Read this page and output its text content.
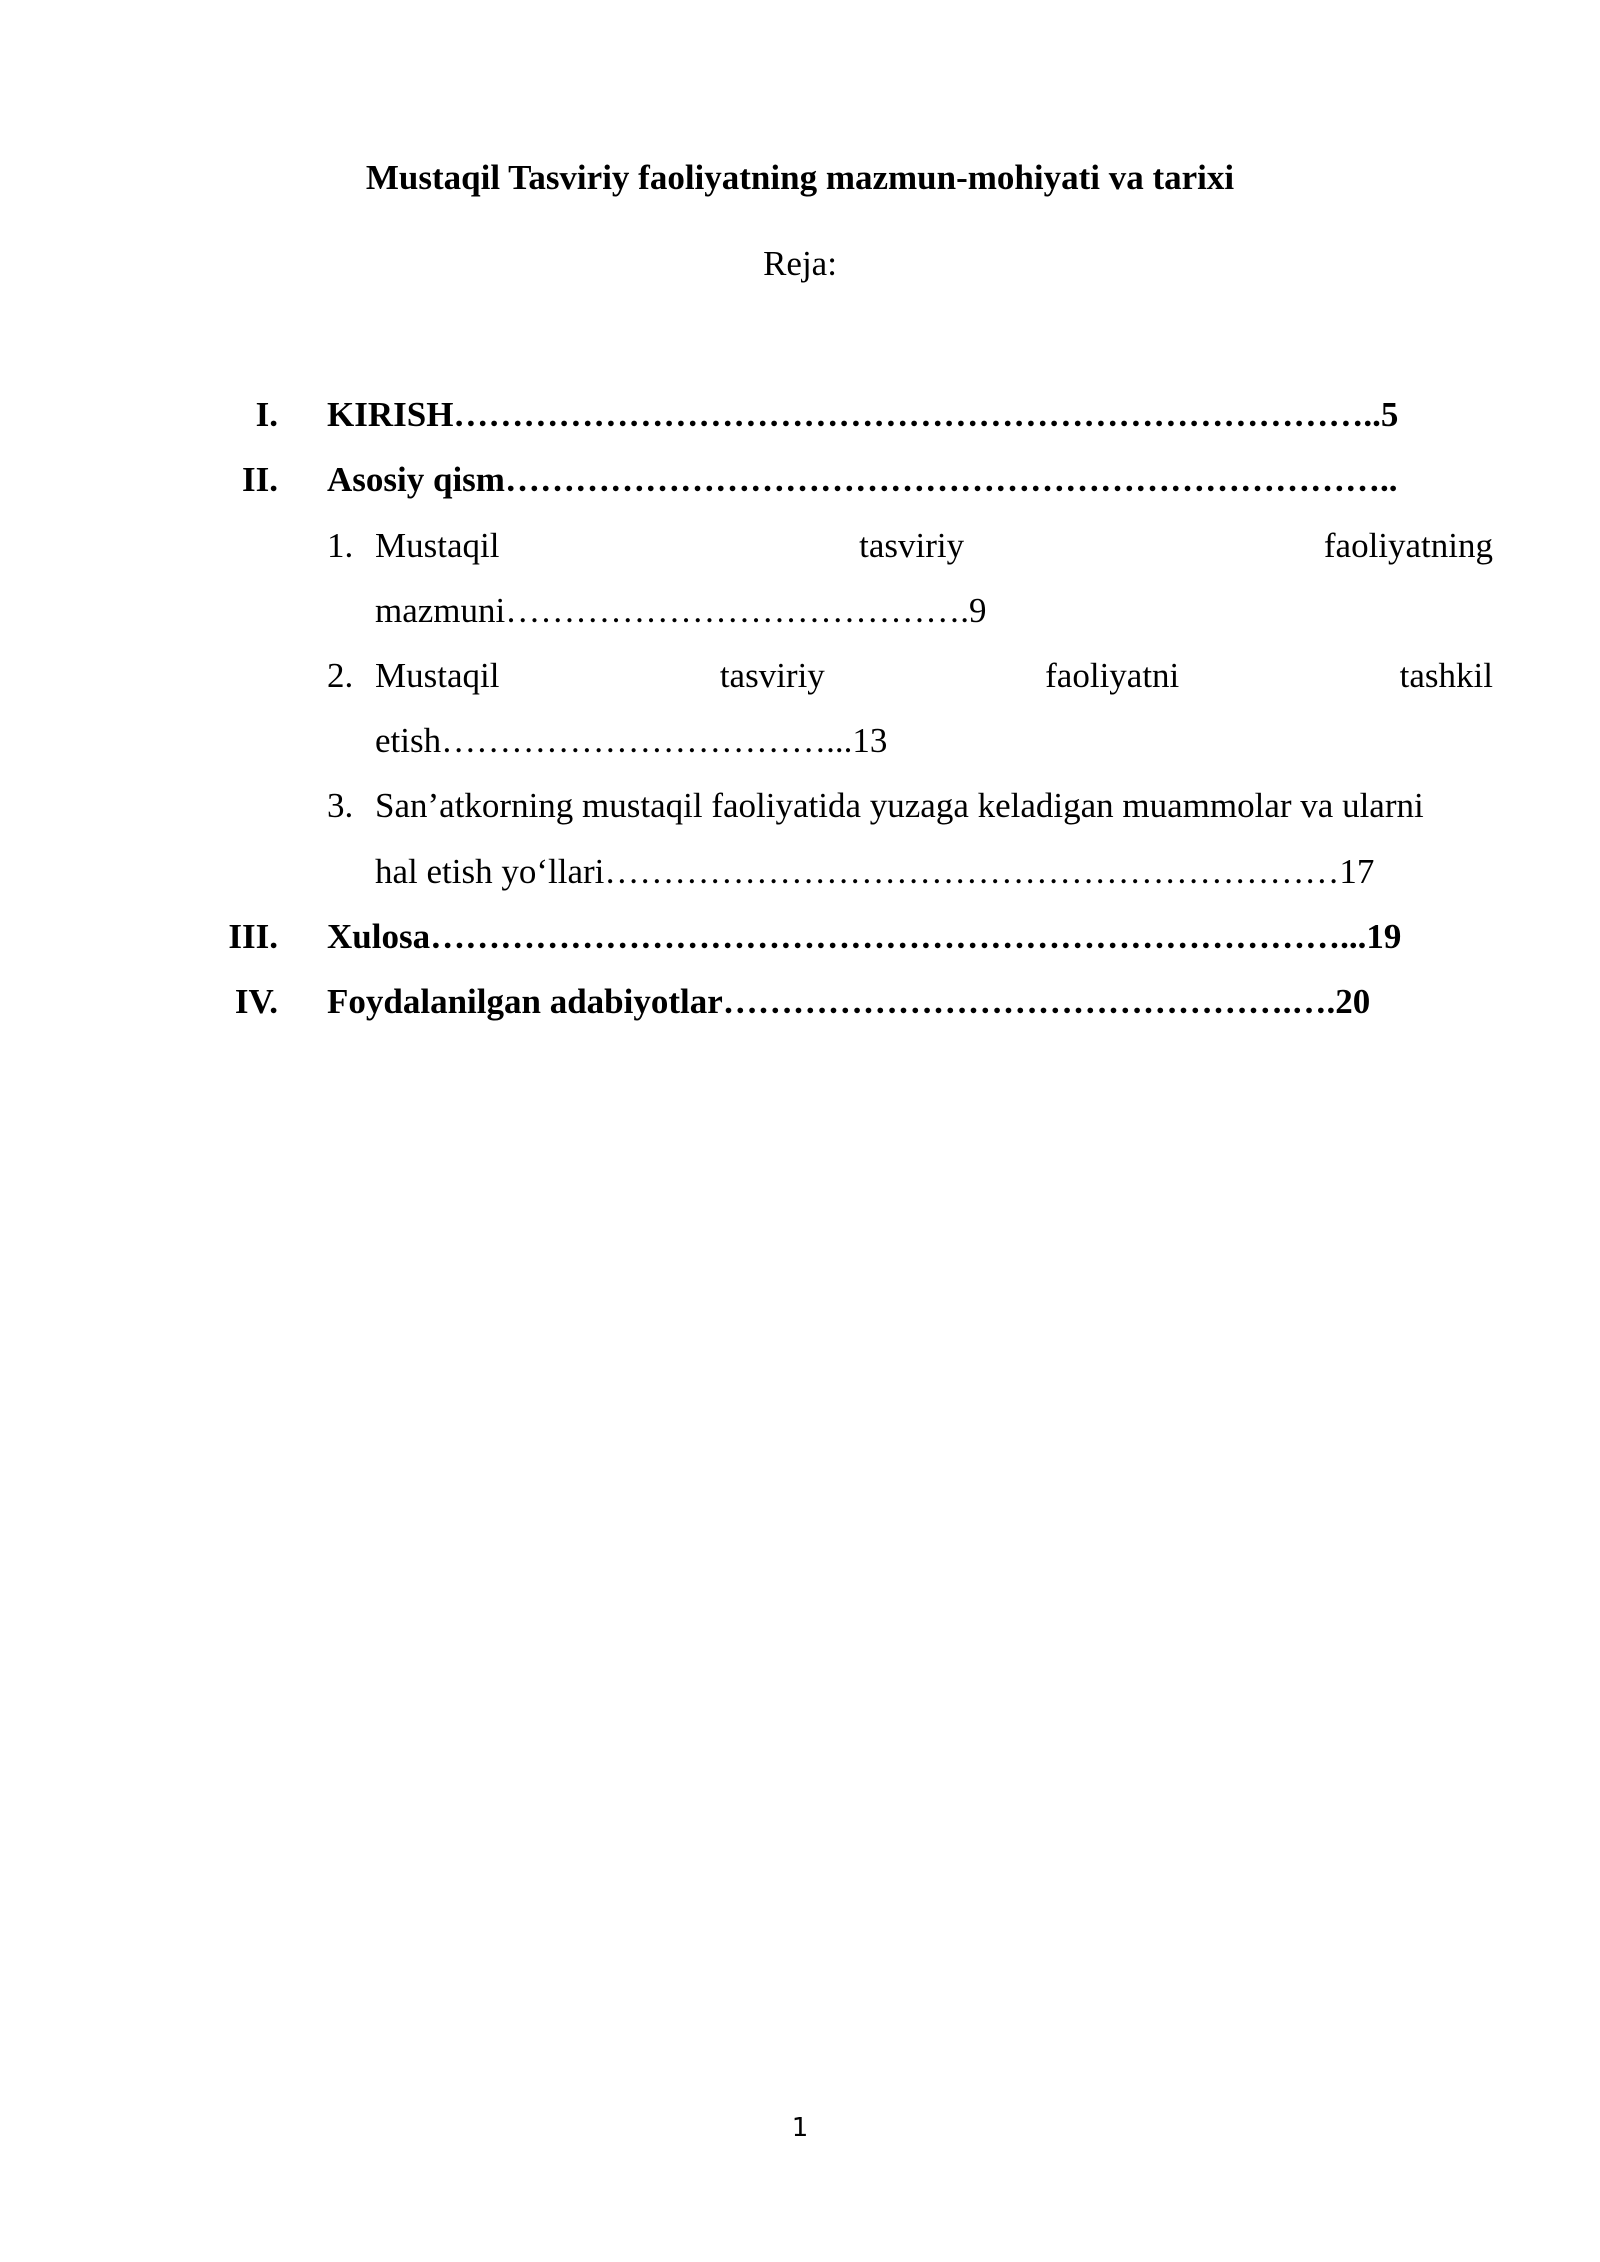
Mustaqil Tasviriy faoliyatning mazmun-mohiyati va tarixi
Reja:
I. KIRISH……………………………………………………………………..5
II. Asosiy qism…………………………………………………………………..
1. Mustaqil	tasviriy	faoliyatning
mazmuni………………………………….9
2. Mustaqil	tasviriy	faoliyatni	tashkil
etish……………………………...13
3. San’atkorning mustaqil faoliyatida yuzaga keladigan muammolar va ularni
hal etish yo‘llari………………………………………………………17
III. Xulosa……………………………………………………………………...19
IV. Foydalanilgan adabiyotlar………………………………………….….20
1
